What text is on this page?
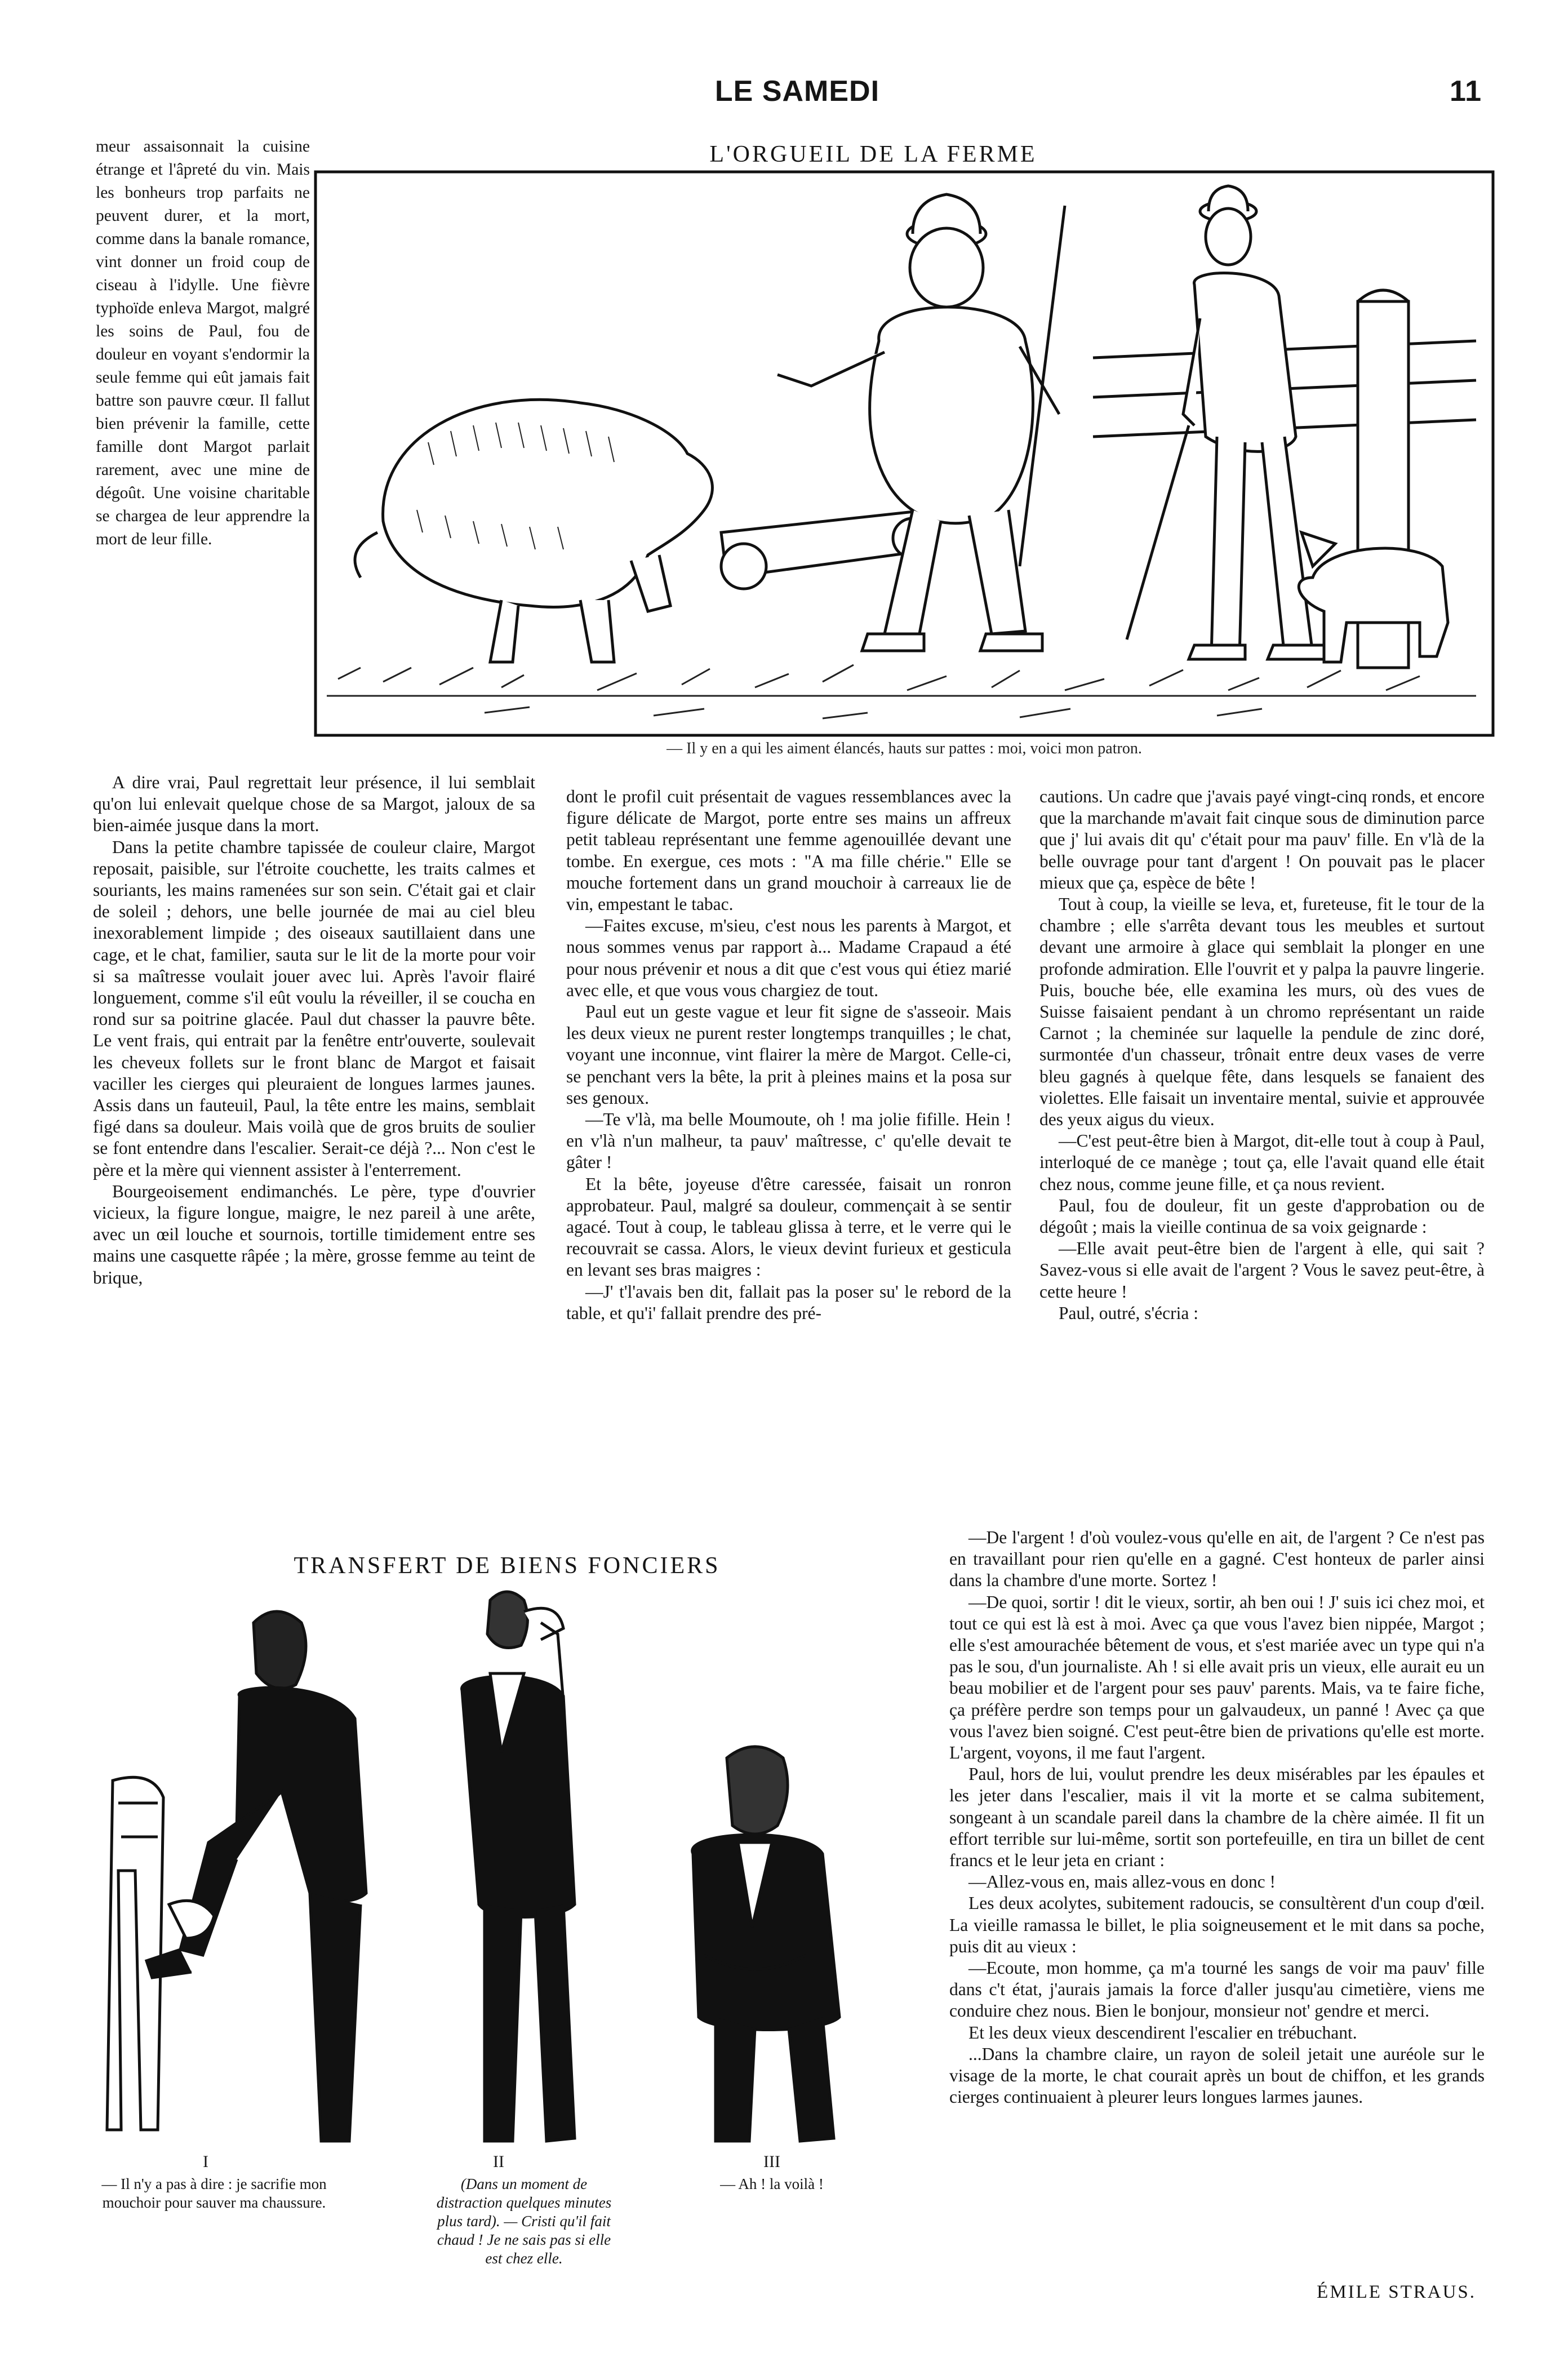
LE SAMEDI	11

meur assaisonnait la cuisine étrange et l'âpreté du vin. Mais les bonheurs trop parfaits ne peuvent durer, et la mort, comme dans la banale romance, vint donner un froid coup de ciseau à l'idylle. Une fièvre typhoïde enleva Margot, malgré les soins de Paul, fou de douleur en voyant s'endormir la seule femme qui eût jamais fait battre son pauvre cœur. Il fallut bien prévenir la famille, cette famille dont Margot parlait rarement, avec une mine de dégoût. Une voisine charitable se chargea de leur apprendre la mort de leur fille.

L'ORGUEIL DE LA FERME
— Il y en a qui les aiment élancés, hauts sur pattes : moi, voici mon patron.

A dire vrai, Paul regrettait leur présence, il lui semblait qu'on lui enlevait quelque chose de sa Margot, jaloux de sa bien-aimée jusque dans la mort.

Dans la petite chambre tapissée de couleur claire, Margot reposait, paisible, sur l'étroite couchette, les traits calmes et souriants, les mains ramenées sur son sein. C'était gai et clair de soleil ; dehors, une belle journée de mai au ciel bleu inexorablement limpide ; des oiseaux sautillaient dans une cage, et le chat, familier, sauta sur le lit de la morte pour voir si sa maîtresse voulait jouer avec lui. Après l'avoir flairé longuement, comme s'il eût voulu la réveiller, il se coucha en rond sur sa poitrine glacée. Paul dut chasser la pauvre bête. Le vent frais, qui entrait par la fenêtre entr'ouverte, soulevait les cheveux follets sur le front blanc de Margot et faisait vaciller les cierges qui pleuraient de longues larmes jaunes. Assis dans un fauteuil, Paul, la tête entre les mains, semblait figé dans sa douleur. Mais voilà que de gros bruits de soulier se font entendre dans l'escalier. Serait-ce déjà ?... Non c'est le père et la mère qui viennent assister à l'enterrement.

Bourgeoisement endimanchés. Le père, type d'ouvrier vicieux, la figure longue, maigre, le nez pareil à une arête, avec un œil louche et sournois, tortille timidement entre ses mains une casquette râpée ; la mère, grosse femme au teint de brique,

dont le profil cuit présentait de vagues ressemblances avec la figure délicate de Margot, porte entre ses mains un affreux petit tableau représentant une femme agenouillée devant une tombe. En exergue, ces mots : "A ma fille chérie." Elle se mouche fortement dans un grand mouchoir à carreaux lie de vin, empestant le tabac.

—Faites excuse, m'sieu, c'est nous les parents à Margot, et nous sommes venus par rapport à... Madame Crapaud a été pour nous prévenir et nous a dit que c'est vous qui étiez marié avec elle, et que vous vous chargiez de tout.

Paul eut un geste vague et leur fit signe de s'asseoir. Mais les deux vieux ne purent rester longtemps tranquilles ; le chat, voyant une inconnue, vint flairer la mère de Margot. Celle-ci, se penchant vers la bête, la prit à pleines mains et la posa sur ses genoux.

—Te v'là, ma belle Moumoute, oh ! ma jolie fifille. Hein ! en v'là n'un malheur, ta pauv' maîtresse, c' qu'elle devait te gâter !

Et la bête, joyeuse d'être caressée, faisait un ronron approbateur. Paul, malgré sa douleur, commençait à se sentir agacé. Tout à coup, le tableau glissa à terre, et le verre qui le recouvrait se cassa. Alors, le vieux devint furieux et gesticula en levant ses bras maigres :

—J' t'l'avais ben dit, fallait pas la poser su' le rebord de la table, et qu'i' fallait prendre des pré-

cautions. Un cadre que j'avais payé vingt-cinq ronds, et encore que la marchande m'avait fait cinque sous de diminution parce que j' lui avais dit qu' c'était pour ma pauv' fille. En v'là de la belle ouvrage pour tant d'argent ! On pouvait pas le placer mieux que ça, espèce de bête !

Tout à coup, la vieille se leva, et, fureteuse, fit le tour de la chambre ; elle s'arrêta devant tous les meubles et surtout devant une armoire à glace qui semblait la plonger en une profonde admiration. Elle l'ouvrit et y palpa la pauvre lingerie. Puis, bouche bée, elle examina les murs, où des vues de Suisse faisaient pendant à un chromo représentant un raide Carnot ; la cheminée sur laquelle la pendule de zinc doré, surmontée d'un chasseur, trônait entre deux vases de verre bleu gagnés à quelque fête, dans lesquels se fanaient des violettes. Elle faisait un inventaire mental, suivie et approuvée des yeux aigus du vieux.

—C'est peut-être bien à Margot, dit-elle tout à coup à Paul, interloqué de ce manège ; tout ça, elle l'avait quand elle était chez nous, comme jeune fille, et ça nous revient.

Paul, fou de douleur, fit un geste d'approbation ou de dégoût ; mais la vieille continua de sa voix geignarde :

—Elle avait peut-être bien de l'argent à elle, qui sait ? Savez-vous si elle avait de l'argent ? Vous le savez peut-être, à cette heure !

Paul, outré, s'écria :

—De l'argent ! d'où voulez-vous qu'elle en ait, de l'argent ? Ce n'est pas en travaillant pour rien qu'elle en a gagné. C'est honteux de parler ainsi dans la chambre d'une morte. Sortez !

—De quoi, sortir ! dit le vieux, sortir, ah ben oui ! J' suis ici chez moi, et tout ce qui est là est à moi. Avec ça que vous l'avez bien nippée, Margot ; elle s'est amourachée bêtement de vous, et s'est mariée avec un type qui n'a pas le sou, d'un journaliste. Ah ! si elle avait pris un vieux, elle aurait eu un beau mobilier et de l'argent pour ses pauv' parents. Mais, va te faire fiche, ça préfère perdre son temps pour un galvaudeux, un panné ! Avec ça que vous l'avez bien soigné. C'est peut-être bien de privations qu'elle est morte. L'argent, voyons, il me faut l'argent.

Paul, hors de lui, voulut prendre les deux misérables par les épaules et les jeter dans l'escalier, mais il vit la morte et se calma subitement, songeant à un scandale pareil dans la chambre de la chère aimée. Il fit un effort terrible sur lui-même, sortit son portefeuille, en tira un billet de cent francs et le leur jeta en criant :

—Allez-vous en, mais allez-vous en donc !

Les deux acolytes, subitement radoucis, se consultèrent d'un coup d'œil. La vieille ramassa le billet, le plia soigneusement et le mit dans sa poche, puis dit au vieux :

—Ecoute, mon homme, ça m'a tourné les sangs de voir ma pauv' fille dans c't état, j'aurais jamais la force d'aller jusqu'au cimetière, viens me conduire chez nous. Bien le bonjour, monsieur not' gendre et merci.

Et les deux vieux descendirent l'escalier en trébuchant.

...Dans la chambre claire, un rayon de soleil jetait une auréole sur le visage de la morte, le chat courait après un bout de chiffon, et les grands cierges continuaient à pleurer leurs longues larmes jaunes.

ÉMILE STRAUS.
TRANSFERT DE BIENS FONCIERS
I	II	III
— Il n'y a pas à dire : je sacrifie mon mouchoir pour sauver ma chaussure.
(Dans un moment de distraction quelques minutes plus tard). — Cristi qu'il fait chaud ! Je ne sais pas si elle est chez elle.
— Ah ! la voilà !
